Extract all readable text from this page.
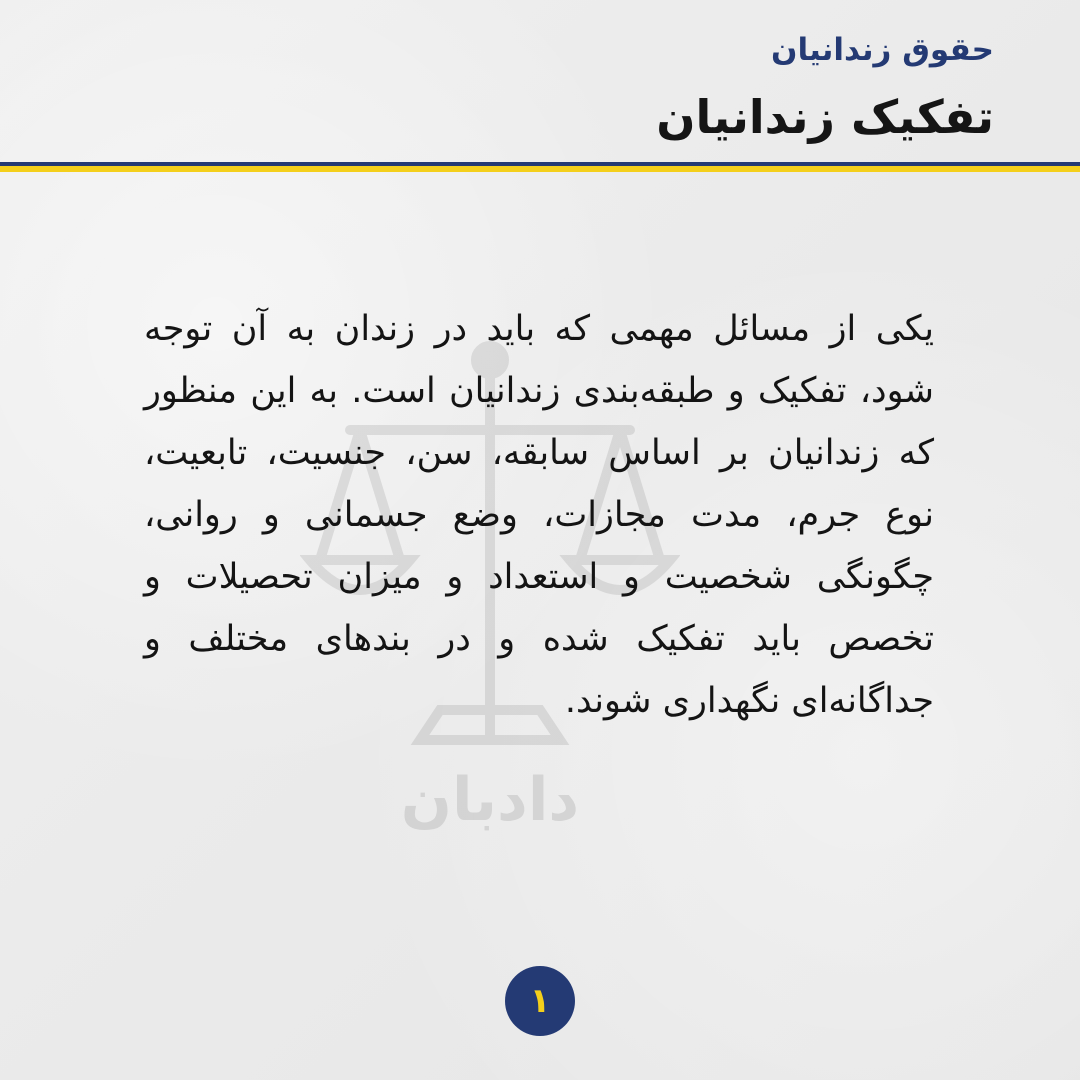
حقوق زندانیان
تفکیک زندانیان
دادبان

یکی از مسائل مهمی که باید در زندان به آن توجه شود، تفکیک و طبقه‌بندی زندانیان است. به این منظور که زندانیان بر اساس سابقه، سن، جنسیت، تابعیت، نوع جرم، مدت مجازات، وضع جسمانی و روانی، چگونگی شخصیت و استعداد و میزان تحصیلات و تخصص باید تفکیک شده و در بندهای مختلف و جداگانه‌ای نگهداری شوند.

۱
